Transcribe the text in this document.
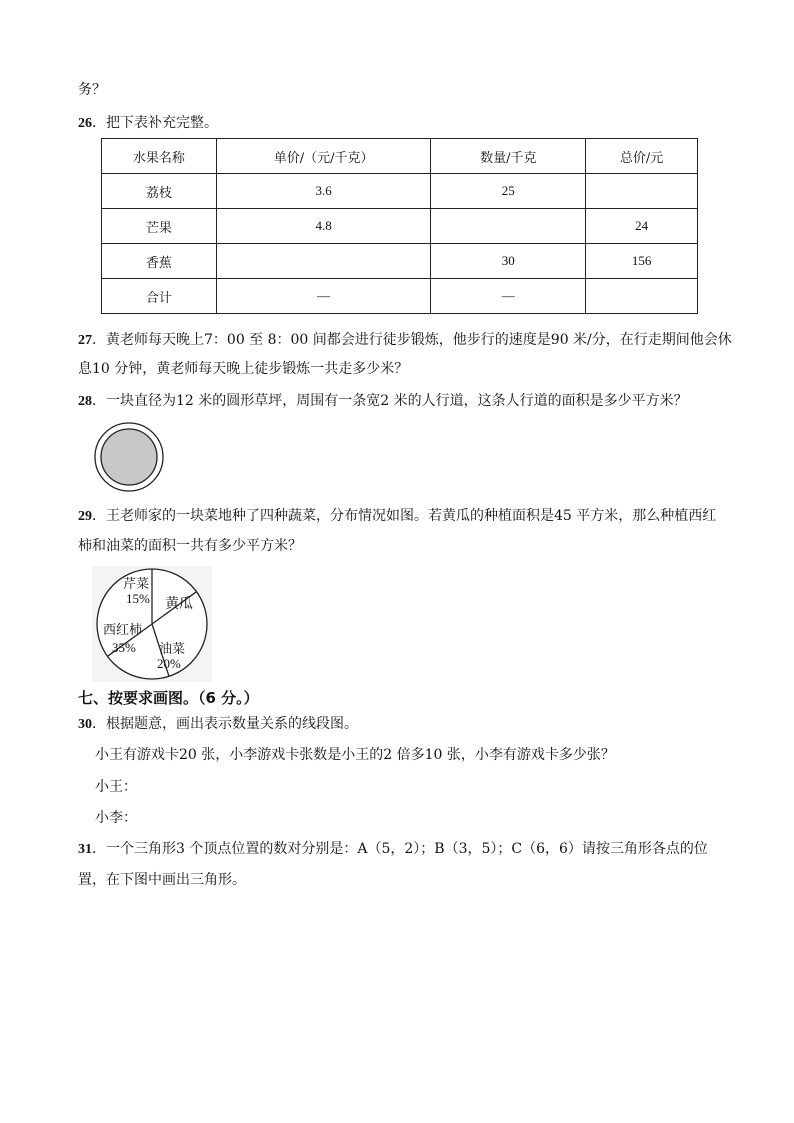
务？
26．把下表补充完整。
水果名称	单价/（元/千克）	数量/千克	总价/元
荔枝	3.6	25	
芒果	4.8		24
香蕉		30	156
合计	—	—	
27．黄老师每天晚上7：00 至 8：00 间都会进行徒步锻炼，他步行的速度是90 米/分，在行走期间他会休
息10 分钟，黄老师每天晚上徒步锻炼一共走多少米？
28．一块直径为12 米的圆形草坪，周围有一条宽2 米的人行道，这条人行道的面积是多少平方米？
29．王老师家的一块菜地种了四种蔬菜，分布情况如图。若黄瓜的种植面积是45 平方米，那么种植西红
柿和油菜的面积一共有多少平方米？
芹菜
15% 黄瓜
西红柿
35% 油菜
20%
七、按要求画图。（6 分。）
30．根据题意，画出表示数量关系的线段图。
小王有游戏卡20 张，小李游戏卡张数是小王的2 倍多10 张，小李有游戏卡多少张？
小王：
小李：
31．一个三角形3 个顶点位置的数对分别是：A（5，2）；B（3，5）；C（6，6）请按三角形各点的位
置，在下图中画出三角形。
